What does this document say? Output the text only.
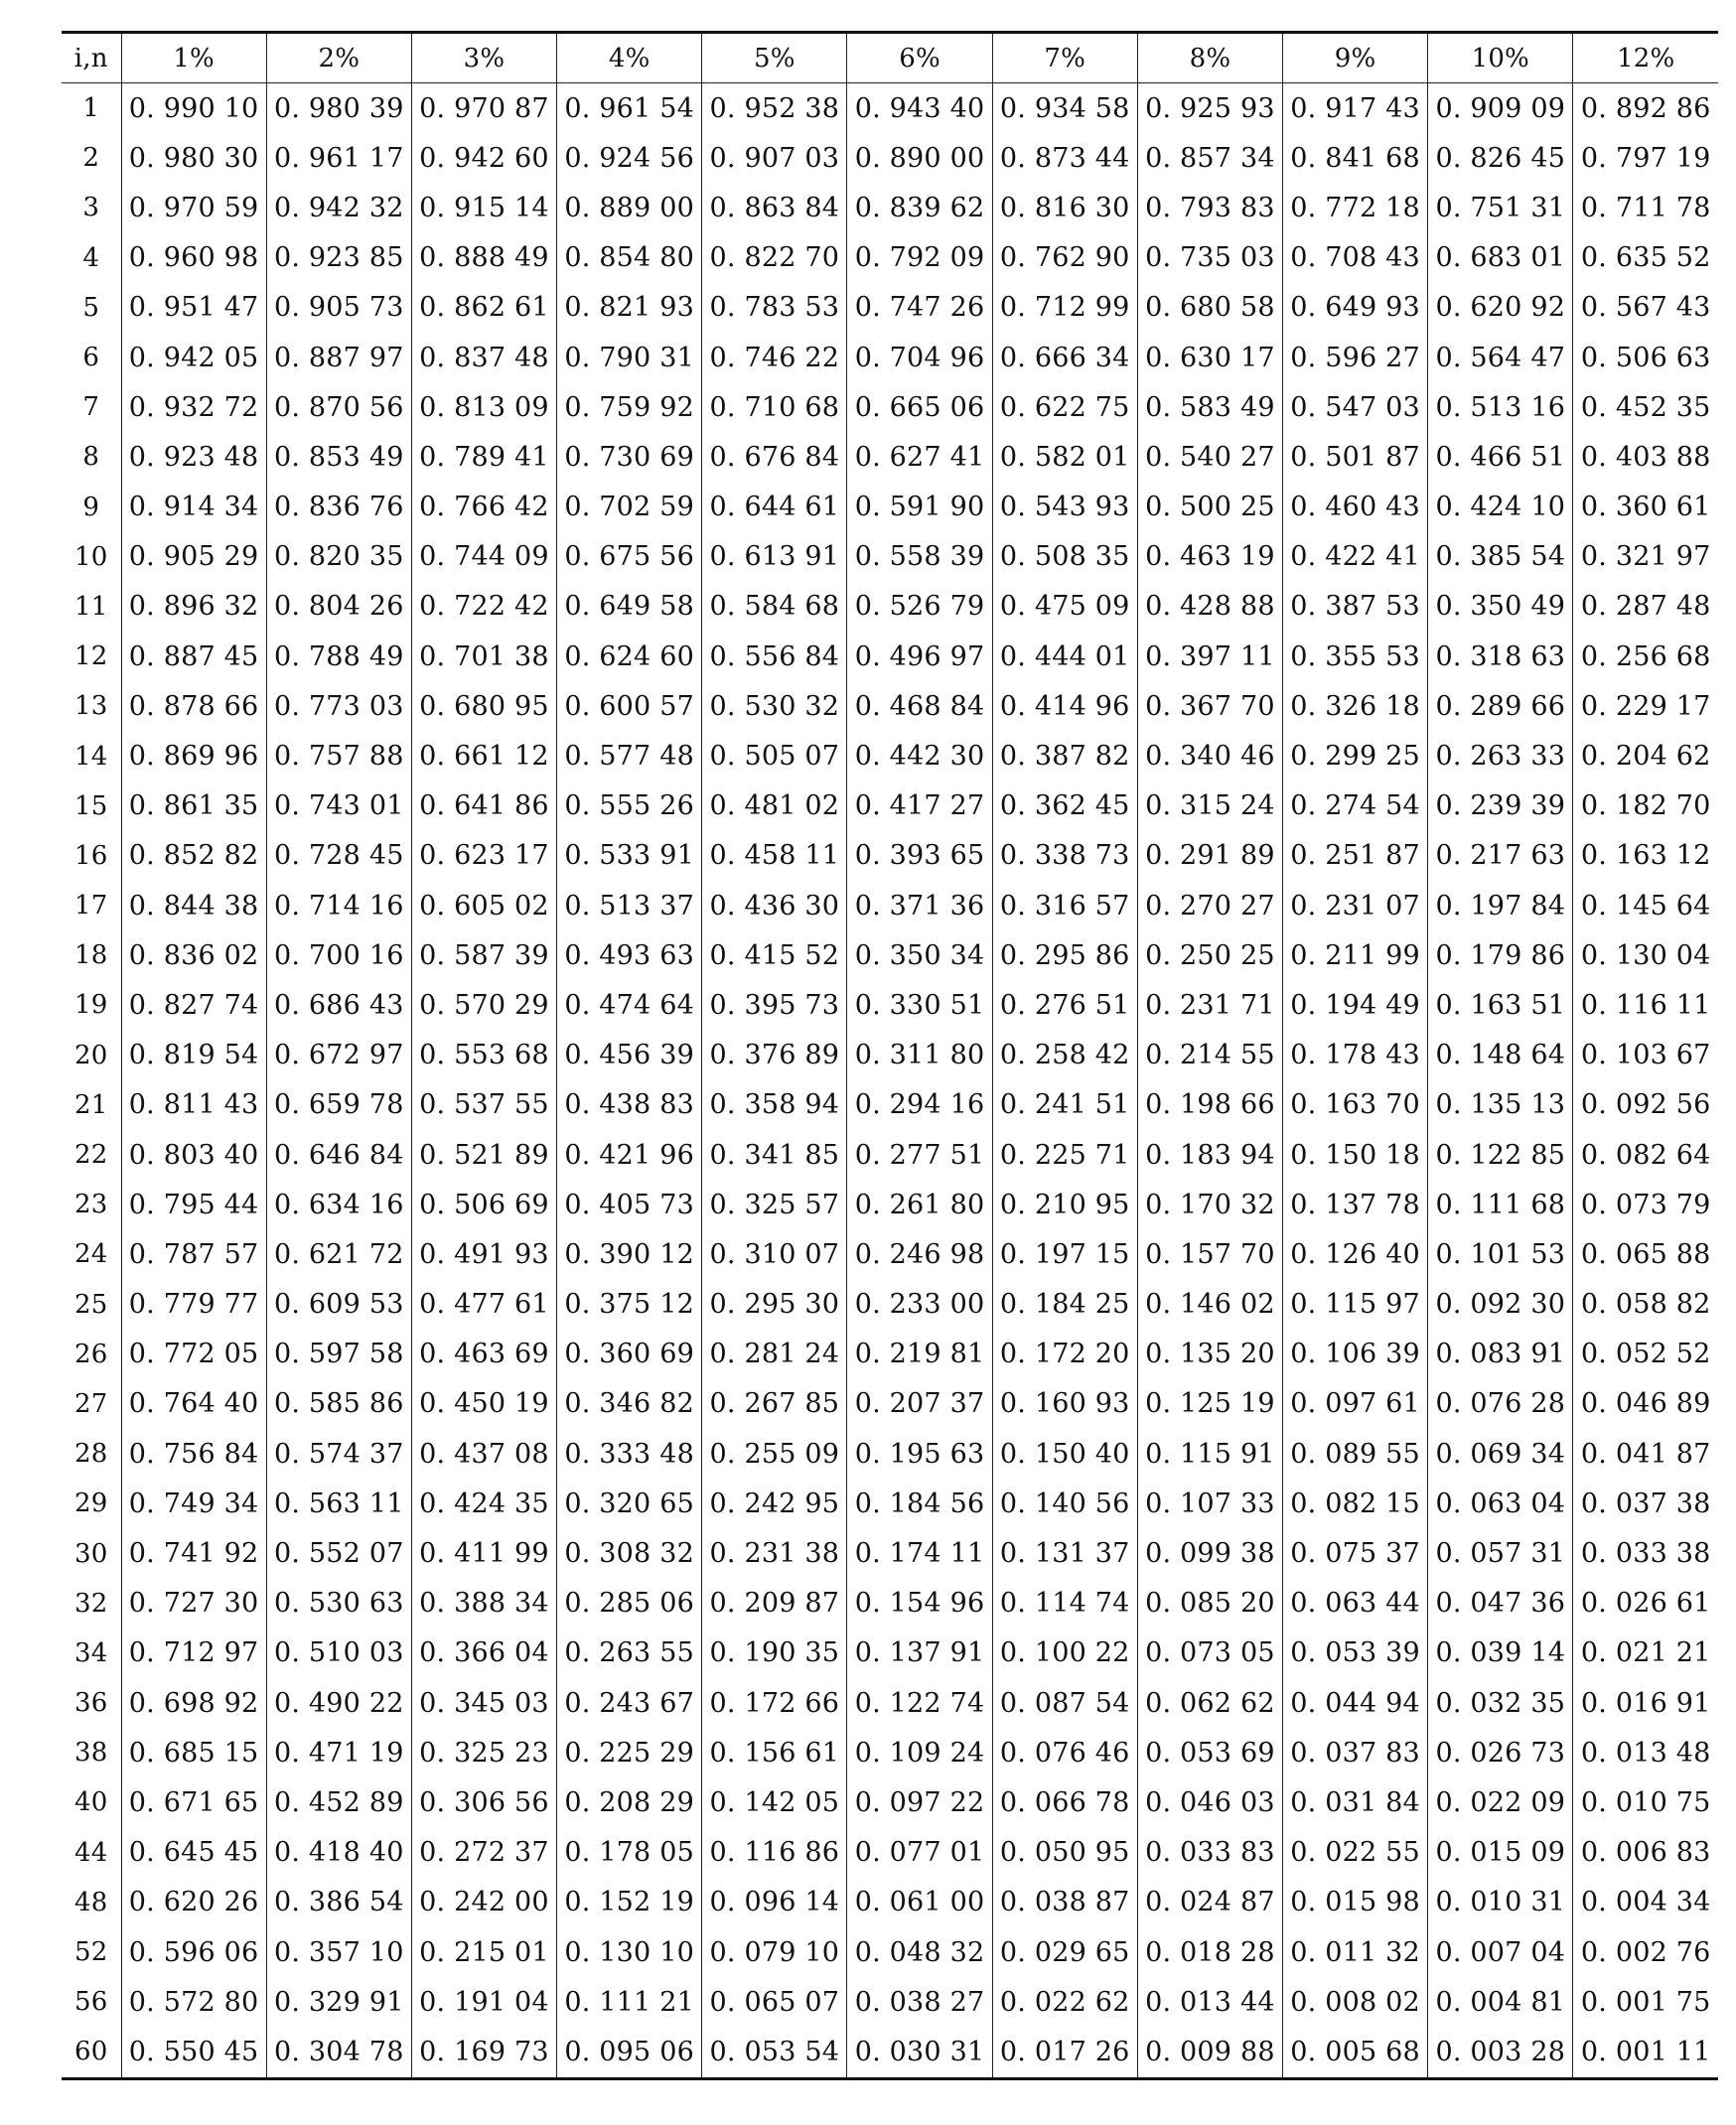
i,n	1%	2%	3%	4%	5%	6%	7%	8%	9%	10%	12%
1	0. 990 10	0. 980 39	0. 970 87	0. 961 54	0. 952 38	0. 943 40	0. 934 58	0. 925 93	0. 917 43	0. 909 09	0. 892 86
2	0. 980 30	0. 961 17	0. 942 60	0. 924 56	0. 907 03	0. 890 00	0. 873 44	0. 857 34	0. 841 68	0. 826 45	0. 797 19
3	0. 970 59	0. 942 32	0. 915 14	0. 889 00	0. 863 84	0. 839 62	0. 816 30	0. 793 83	0. 772 18	0. 751 31	0. 711 78
4	0. 960 98	0. 923 85	0. 888 49	0. 854 80	0. 822 70	0. 792 09	0. 762 90	0. 735 03	0. 708 43	0. 683 01	0. 635 52
5	0. 951 47	0. 905 73	0. 862 61	0. 821 93	0. 783 53	0. 747 26	0. 712 99	0. 680 58	0. 649 93	0. 620 92	0. 567 43
6	0. 942 05	0. 887 97	0. 837 48	0. 790 31	0. 746 22	0. 704 96	0. 666 34	0. 630 17	0. 596 27	0. 564 47	0. 506 63
7	0. 932 72	0. 870 56	0. 813 09	0. 759 92	0. 710 68	0. 665 06	0. 622 75	0. 583 49	0. 547 03	0. 513 16	0. 452 35
8	0. 923 48	0. 853 49	0. 789 41	0. 730 69	0. 676 84	0. 627 41	0. 582 01	0. 540 27	0. 501 87	0. 466 51	0. 403 88
9	0. 914 34	0. 836 76	0. 766 42	0. 702 59	0. 644 61	0. 591 90	0. 543 93	0. 500 25	0. 460 43	0. 424 10	0. 360 61
10	0. 905 29	0. 820 35	0. 744 09	0. 675 56	0. 613 91	0. 558 39	0. 508 35	0. 463 19	0. 422 41	0. 385 54	0. 321 97
11	0. 896 32	0. 804 26	0. 722 42	0. 649 58	0. 584 68	0. 526 79	0. 475 09	0. 428 88	0. 387 53	0. 350 49	0. 287 48
12	0. 887 45	0. 788 49	0. 701 38	0. 624 60	0. 556 84	0. 496 97	0. 444 01	0. 397 11	0. 355 53	0. 318 63	0. 256 68
13	0. 878 66	0. 773 03	0. 680 95	0. 600 57	0. 530 32	0. 468 84	0. 414 96	0. 367 70	0. 326 18	0. 289 66	0. 229 17
14	0. 869 96	0. 757 88	0. 661 12	0. 577 48	0. 505 07	0. 442 30	0. 387 82	0. 340 46	0. 299 25	0. 263 33	0. 204 62
15	0. 861 35	0. 743 01	0. 641 86	0. 555 26	0. 481 02	0. 417 27	0. 362 45	0. 315 24	0. 274 54	0. 239 39	0. 182 70
16	0. 852 82	0. 728 45	0. 623 17	0. 533 91	0. 458 11	0. 393 65	0. 338 73	0. 291 89	0. 251 87	0. 217 63	0. 163 12
17	0. 844 38	0. 714 16	0. 605 02	0. 513 37	0. 436 30	0. 371 36	0. 316 57	0. 270 27	0. 231 07	0. 197 84	0. 145 64
18	0. 836 02	0. 700 16	0. 587 39	0. 493 63	0. 415 52	0. 350 34	0. 295 86	0. 250 25	0. 211 99	0. 179 86	0. 130 04
19	0. 827 74	0. 686 43	0. 570 29	0. 474 64	0. 395 73	0. 330 51	0. 276 51	0. 231 71	0. 194 49	0. 163 51	0. 116 11
20	0. 819 54	0. 672 97	0. 553 68	0. 456 39	0. 376 89	0. 311 80	0. 258 42	0. 214 55	0. 178 43	0. 148 64	0. 103 67
21	0. 811 43	0. 659 78	0. 537 55	0. 438 83	0. 358 94	0. 294 16	0. 241 51	0. 198 66	0. 163 70	0. 135 13	0. 092 56
22	0. 803 40	0. 646 84	0. 521 89	0. 421 96	0. 341 85	0. 277 51	0. 225 71	0. 183 94	0. 150 18	0. 122 85	0. 082 64
23	0. 795 44	0. 634 16	0. 506 69	0. 405 73	0. 325 57	0. 261 80	0. 210 95	0. 170 32	0. 137 78	0. 111 68	0. 073 79
24	0. 787 57	0. 621 72	0. 491 93	0. 390 12	0. 310 07	0. 246 98	0. 197 15	0. 157 70	0. 126 40	0. 101 53	0. 065 88
25	0. 779 77	0. 609 53	0. 477 61	0. 375 12	0. 295 30	0. 233 00	0. 184 25	0. 146 02	0. 115 97	0. 092 30	0. 058 82
26	0. 772 05	0. 597 58	0. 463 69	0. 360 69	0. 281 24	0. 219 81	0. 172 20	0. 135 20	0. 106 39	0. 083 91	0. 052 52
27	0. 764 40	0. 585 86	0. 450 19	0. 346 82	0. 267 85	0. 207 37	0. 160 93	0. 125 19	0. 097 61	0. 076 28	0. 046 89
28	0. 756 84	0. 574 37	0. 437 08	0. 333 48	0. 255 09	0. 195 63	0. 150 40	0. 115 91	0. 089 55	0. 069 34	0. 041 87
29	0. 749 34	0. 563 11	0. 424 35	0. 320 65	0. 242 95	0. 184 56	0. 140 56	0. 107 33	0. 082 15	0. 063 04	0. 037 38
30	0. 741 92	0. 552 07	0. 411 99	0. 308 32	0. 231 38	0. 174 11	0. 131 37	0. 099 38	0. 075 37	0. 057 31	0. 033 38
32	0. 727 30	0. 530 63	0. 388 34	0. 285 06	0. 209 87	0. 154 96	0. 114 74	0. 085 20	0. 063 44	0. 047 36	0. 026 61
34	0. 712 97	0. 510 03	0. 366 04	0. 263 55	0. 190 35	0. 137 91	0. 100 22	0. 073 05	0. 053 39	0. 039 14	0. 021 21
36	0. 698 92	0. 490 22	0. 345 03	0. 243 67	0. 172 66	0. 122 74	0. 087 54	0. 062 62	0. 044 94	0. 032 35	0. 016 91
38	0. 685 15	0. 471 19	0. 325 23	0. 225 29	0. 156 61	0. 109 24	0. 076 46	0. 053 69	0. 037 83	0. 026 73	0. 013 48
40	0. 671 65	0. 452 89	0. 306 56	0. 208 29	0. 142 05	0. 097 22	0. 066 78	0. 046 03	0. 031 84	0. 022 09	0. 010 75
44	0. 645 45	0. 418 40	0. 272 37	0. 178 05	0. 116 86	0. 077 01	0. 050 95	0. 033 83	0. 022 55	0. 015 09	0. 006 83
48	0. 620 26	0. 386 54	0. 242 00	0. 152 19	0. 096 14	0. 061 00	0. 038 87	0. 024 87	0. 015 98	0. 010 31	0. 004 34
52	0. 596 06	0. 357 10	0. 215 01	0. 130 10	0. 079 10	0. 048 32	0. 029 65	0. 018 28	0. 011 32	0. 007 04	0. 002 76
56	0. 572 80	0. 329 91	0. 191 04	0. 111 21	0. 065 07	0. 038 27	0. 022 62	0. 013 44	0. 008 02	0. 004 81	0. 001 75
60	0. 550 45	0. 304 78	0. 169 73	0. 095 06	0. 053 54	0. 030 31	0. 017 26	0. 009 88	0. 005 68	0. 003 28	0. 001 11
